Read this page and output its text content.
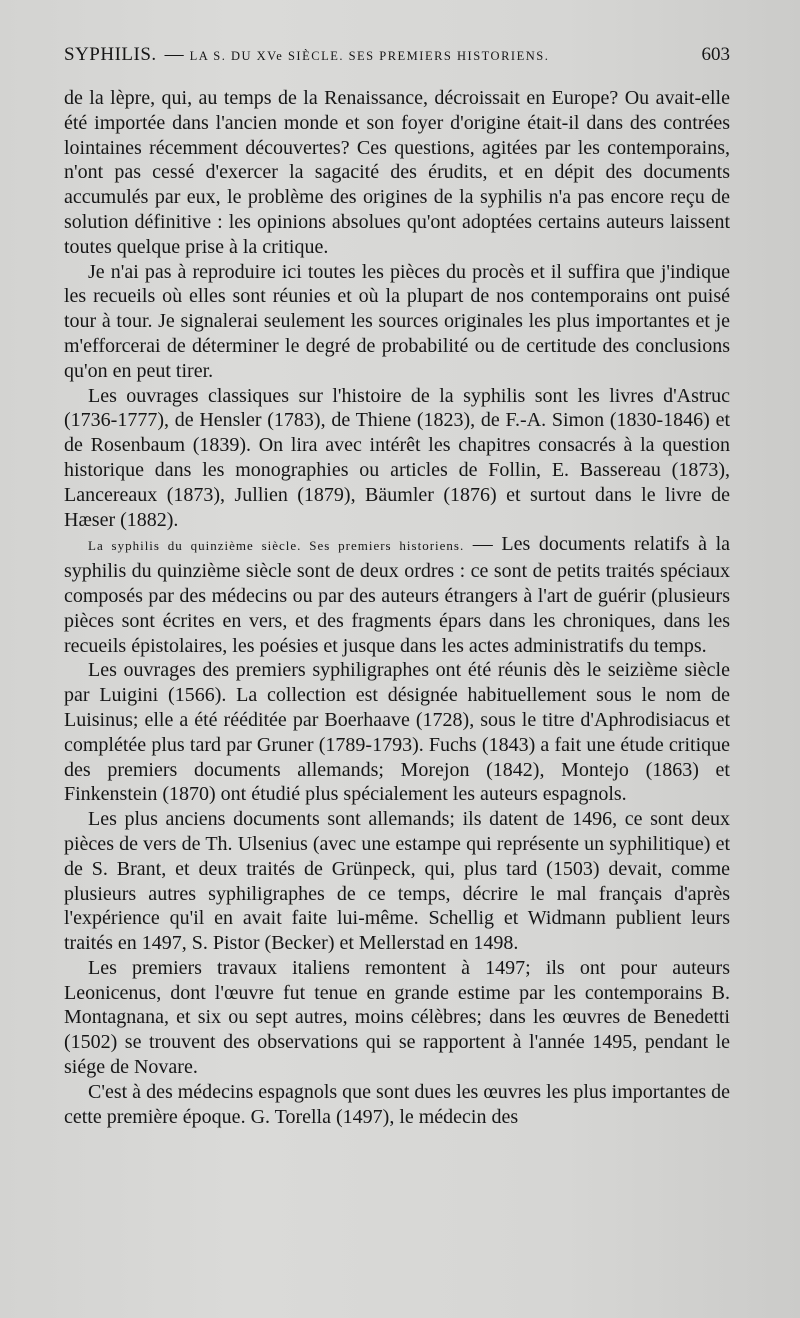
SYPHILIS. — LA S. DU XVe SIÈCLE. SES PREMIERS HISTORIENS.	603

de la lèpre, qui, au temps de la Renaissance, décroissait en Europe? Ou avait-elle été importée dans l'ancien monde et son foyer d'origine était-il dans des contrées lointaines récemment découvertes? Ces questions, agitées par les contemporains, n'ont pas cessé d'exercer la sagacité des érudits, et en dépit des documents accumulés par eux, le problème des origines de la syphilis n'a pas encore reçu de solution définitive : les opinions absolues qu'ont adoptées certains auteurs laissent toutes quelque prise à la critique.

Je n'ai pas à reproduire ici toutes les pièces du procès et il suffira que j'indique les recueils où elles sont réunies et où la plupart de nos contemporains ont puisé tour à tour. Je signalerai seulement les sources originales les plus importantes et je m'efforcerai de déterminer le degré de probabilité ou de certitude des conclusions qu'on en peut tirer.

Les ouvrages classiques sur l'histoire de la syphilis sont les livres d'Astruc (1736-1777), de Hensler (1783), de Thiene (1823), de F.-A. Simon (1830-1846) et de Rosenbaum (1839). On lira avec intérêt les chapitres consacrés à la question historique dans les monographies ou articles de Follin, E. Bassereau (1873), Lancereaux (1873), Jullien (1879), Bäumler (1876) et surtout dans le livre de Hæser (1882).

La syphilis du quinzième siècle. Ses premiers historiens. — Les documents relatifs à la syphilis du quinzième siècle sont de deux ordres : ce sont de petits traités spéciaux composés par des médecins ou par des auteurs étrangers à l'art de guérir (plusieurs pièces sont écrites en vers, et des fragments épars dans les chroniques, dans les recueils épistolaires, les poésies et jusque dans les actes administratifs du temps.

Les ouvrages des premiers syphiligraphes ont été réunis dès le seizième siècle par Luigini (1566). La collection est désignée habituellement sous le nom de Luisinus; elle a été rééditée par Boerhaave (1728), sous le titre d'Aphrodisiacus et complétée plus tard par Gruner (1789-1793). Fuchs (1843) a fait une étude critique des premiers documents allemands; Morejon (1842), Montejo (1863) et Finkenstein (1870) ont étudié plus spécialement les auteurs espagnols.

Les plus anciens documents sont allemands; ils datent de 1496, ce sont deux pièces de vers de Th. Ulsenius (avec une estampe qui représente un syphilitique) et de S. Brant, et deux traités de Grünpeck, qui, plus tard (1503) devait, comme plusieurs autres syphiligraphes de ce temps, décrire le mal français d'après l'expérience qu'il en avait faite lui-même. Schellig et Widmann publient leurs traités en 1497, S. Pistor (Becker) et Mellerstad en 1498.

Les premiers travaux italiens remontent à 1497; ils ont pour auteurs Leonicenus, dont l'œuvre fut tenue en grande estime par les contemporains B. Montagnana, et six ou sept autres, moins célèbres; dans les œuvres de Benedetti (1502) se trouvent des observations qui se rapportent à l'année 1495, pendant le siége de Novare.

C'est à des médecins espagnols que sont dues les œuvres les plus importantes de cette première époque. G. Torella (1497), le médecin des
